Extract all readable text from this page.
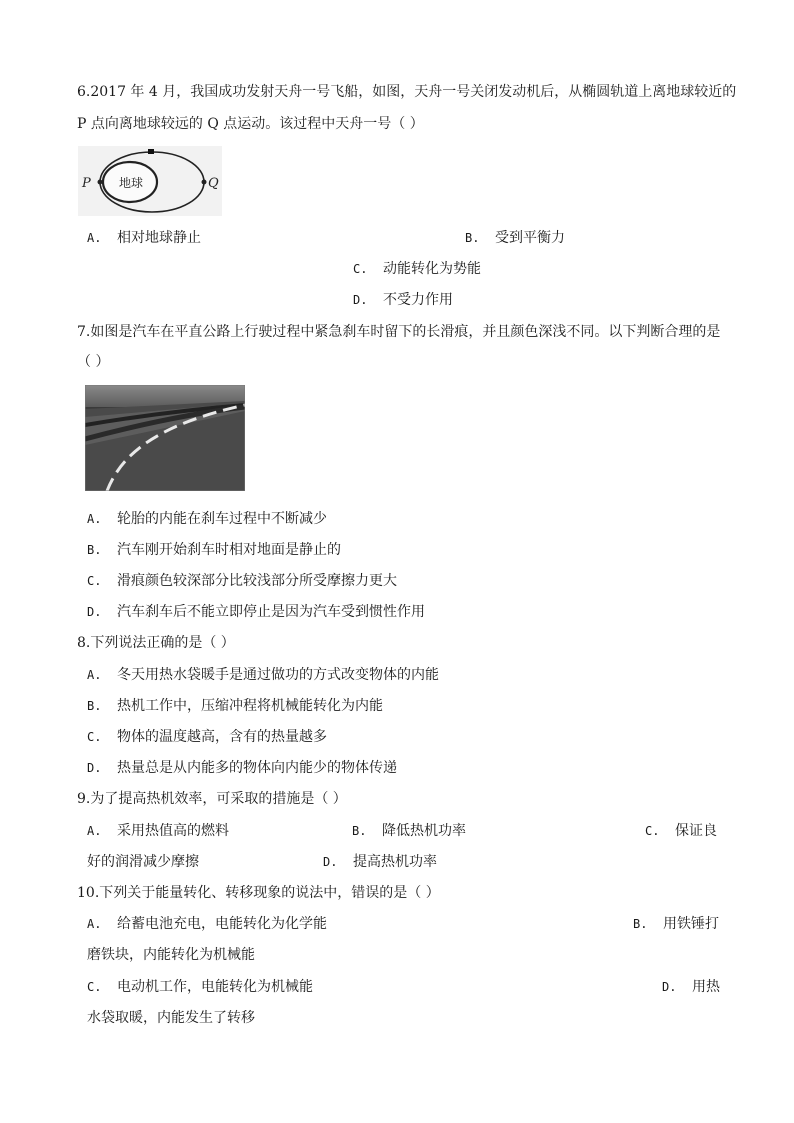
6.2017 年 4 月，我国成功发射天舟一号飞船，如图，天舟一号关闭发动机后，从椭圆轨道上离地球较近的
P 点向离地球较远的 Q 点运动。该过程中天舟一号（ ）
地球
P	Q
A. 相对地球静止	B. 受到平衡力
C. 动能转化为势能
D. 不受力作用
7.如图是汽车在平直公路上行驶过程中紧急刹车时留下的长滑痕，并且颜色深浅不同。以下判断合理的是
（ ）
A. 轮胎的内能在刹车过程中不断减少
B. 汽车刚开始刹车时相对地面是静止的
C. 滑痕颜色较深部分比较浅部分所受摩擦力更大
D. 汽车刹车后不能立即停止是因为汽车受到惯性作用
8.下列说法正确的是（ ）
A. 冬天用热水袋暖手是通过做功的方式改变物体的内能
B. 热机工作中，压缩冲程将机械能转化为内能
C. 物体的温度越高，含有的热量越多
D. 热量总是从内能多的物体向内能少的物体传递
9.为了提高热机效率，可采取的措施是（ ）
A. 采用热值高的燃料	B. 降低热机功率	C. 保证良
好的润滑减少摩擦	D. 提高热机功率
10.下列关于能量转化、转移现象的说法中，错误的是（ ）
A. 给蓄电池充电，电能转化为化学能	B. 用铁锤打
磨铁块，内能转化为机械能
C. 电动机工作，电能转化为机械能	D. 用热
水袋取暖，内能发生了转移
